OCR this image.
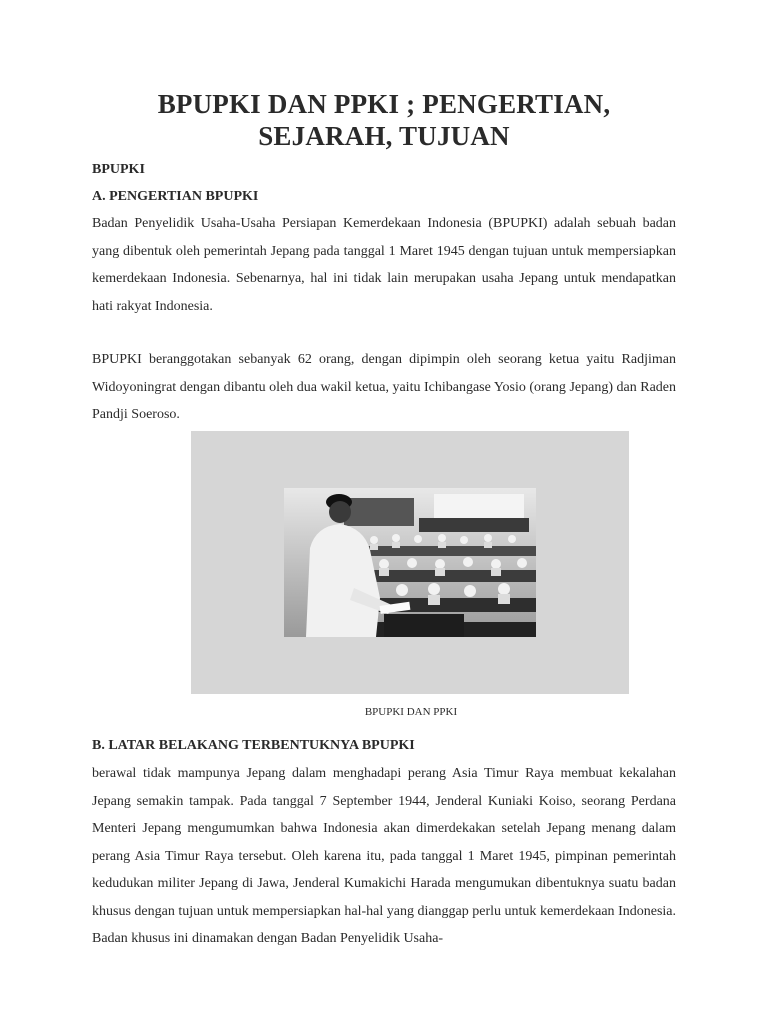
BPUPKI DAN PPKI ; PENGERTIAN, SEJARAH, TUJUAN

BPUPKI

A. PENGERTIAN BPUPKI

Badan Penyelidik Usaha-Usaha Persiapan Kemerdekaan Indonesia (BPUPKI) adalah sebuah badan yang dibentuk oleh pemerintah Jepang pada tanggal 1 Maret 1945 dengan tujuan untuk mempersiapkan kemerdekaan Indonesia. Sebenarnya, hal ini tidak lain merupakan usaha Jepang untuk mendapatkan hati rakyat Indonesia.

BPUPKI beranggotakan sebanyak 62 orang, dengan dipimpin oleh seorang ketua yaitu Radjiman Widoyoningrat dengan dibantu oleh dua wakil ketua, yaitu Ichibangase Yosio (orang Jepang) dan Raden Pandji Soeroso.

BPUPKI DAN PPKI

B. LATAR BELAKANG TERBENTUKNYA BPUPKI

berawal tidak mampunya Jepang dalam menghadapi perang Asia Timur Raya membuat kekalahan Jepang semakin tampak. Pada tanggal 7 September 1944, Jenderal Kuniaki Koiso, seorang Perdana Menteri Jepang mengumumkan bahwa Indonesia akan dimerdekakan setelah Jepang menang dalam perang Asia Timur Raya tersebut. Oleh karena itu, pada tanggal 1 Maret 1945, pimpinan pemerintah kedudukan militer Jepang di Jawa, Jenderal Kumakichi Harada mengumukan dibentuknya suatu badan khusus dengan tujuan untuk mempersiapkan hal-hal yang dianggap perlu untuk kemerdekaan Indonesia. Badan khusus ini dinamakan dengan Badan Penyelidik Usaha-
